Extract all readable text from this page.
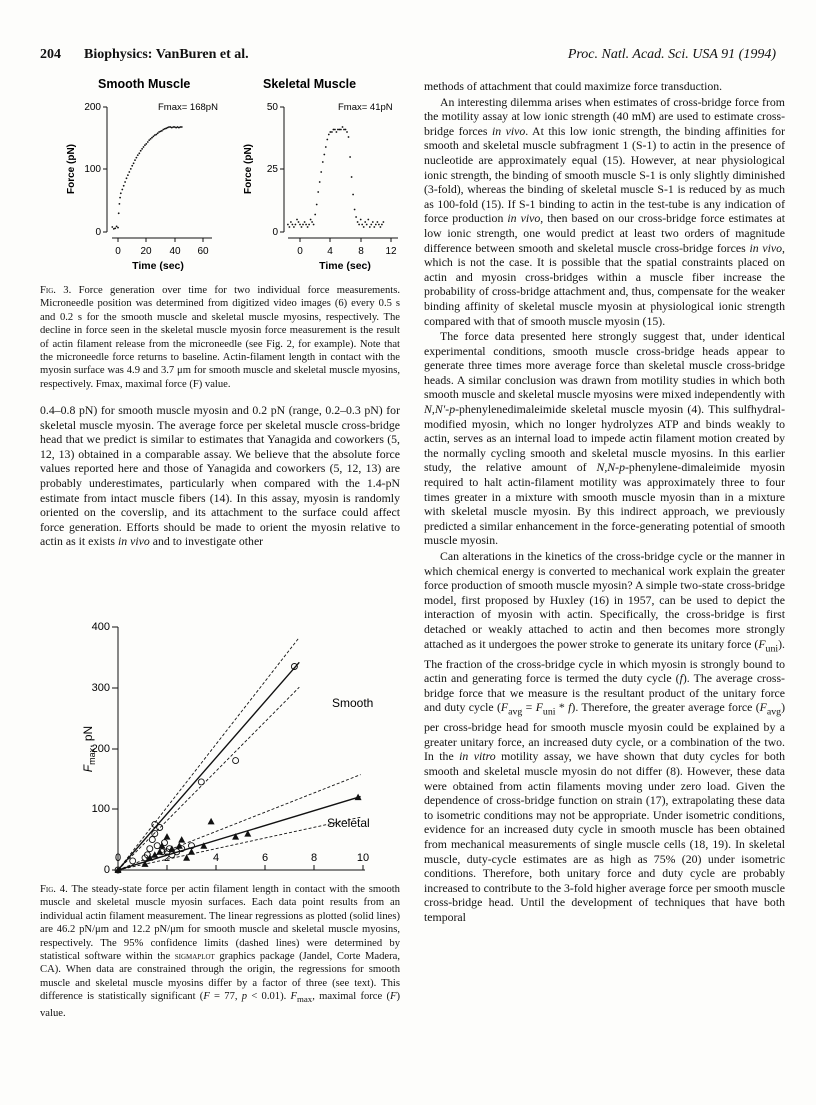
204 Biophysics: VanBuren et al.	Proc. Natl. Acad. Sci. USA 91 (1994)
Smooth Muscle
Fmax= 168pN
200
100
0
Force (pN)
0 20 40 60
Time (sec)
Skeletal Muscle
Fmax= 41pN
50
25
0
Force (pN)
0 4	8 12
Time (sec)

Fig. 3. Force generation over time for two individual force measurements. Microneedle position was determined from digitized video images (6) every 0.5 s and 0.2 s for the smooth muscle and skeletal muscle myosins, respectively. The decline in force seen in the skeletal muscle myosin force measurement is the result of actin filament release from the microneedle (see Fig. 2, for example). Note that the microneedle force returns to baseline. Actin-filament length in contact with the myosin surface was 4.9 and 3.7 μm for smooth muscle and skeletal muscle myosins, respectively. Fmax, maximal force (F) value.

0.4–0.8 pN) for smooth muscle myosin and 0.2 pN (range, 0.2–0.3 pN) for skeletal muscle myosin. The average force per skeletal muscle cross-bridge head that we predict is similar to estimates that Yanagida and coworkers (5, 12, 13) obtained in a comparable assay. We believe that the absolute force values reported here and those of Yanagida and coworkers (5, 12, 13) are probably underestimates, particularly when compared with the 1.4-pN estimate from intact muscle fibers (14). In this assay, myosin is randomly oriented on the coverslip, and its attachment to the surface could affect force generation. Efforts should be made to orient the myosin relative to actin as it exists in vivo and to investigate other

0
100
200
300
400
0	2	4	6	8	10
$F_{max}$, pN
Smooth
Skeletal

Fig. 4. The steady-state force per actin filament length in contact with the smooth muscle and skeletal muscle myosin surfaces. Each data point results from an individual actin filament measurement. The linear regressions as plotted (solid lines) are 46.2 pN/μm and 12.2 pN/μm for smooth muscle and skeletal muscle myosins, respectively. The 95% confidence limits (dashed lines) were determined by statistical software within the sigmaplot graphics package (Jandel, Corte Madera, CA). When data are constrained through the origin, the regressions for smooth muscle and skeletal muscle myosins differ by a factor of three (see text). This difference is statistically significant (F = 77, p < 0.01). $F_{max}$, maximal force (F) value.

methods of attachment that could maximize force transduction.

An interesting dilemma arises when estimates of cross-bridge force from the motility assay at low ionic strength (40 mM) are used to estimate cross-bridge forces in vivo. At this low ionic strength, the binding affinities for smooth and skeletal muscle subfragment 1 (S-1) to actin in the presence of nucleotide are approximately equal (15). However, at near physiological ionic strength, the binding of smooth muscle S-1 is only slightly diminished (3-fold), whereas the binding of skeletal muscle S-1 is reduced by as much as 100-fold (15). If S-1 binding to actin in the test-tube is any indication of force production in vivo, then based on our cross-bridge force estimates at low ionic strength, one would predict at least two orders of magnitude difference between smooth and skeletal muscle cross-bridge forces in vivo, which is not the case. It is possible that the spatial constraints placed on actin and myosin cross-bridges within a muscle fiber increase the probability of cross-bridge attachment and, thus, compensate for the weaker binding affinity of skeletal muscle myosin at physiological ionic strength compared with that of smooth muscle myosin (15).

The force data presented here strongly suggest that, under identical experimental conditions, smooth muscle cross-bridge heads appear to generate three times more average force than skeletal muscle cross-bridge heads. A similar conclusion was drawn from motility studies in which both smooth muscle and skeletal muscle myosins were mixed independently with N,N′-p-phenylenedimaleimide skeletal muscle myosin (4). This sulfhydral-modified myosin, which no longer hydrolyzes ATP and binds weakly to actin, serves as an internal load to impede actin filament motion created by the normally cycling smooth and skeletal muscle myosins. In this earlier study, the relative amount of N,N-p-phenylene-dimaleimide myosin required to halt actin-filament motility was approximately three to four times greater in a mixture with smooth muscle myosin than in a mixture with skeletal muscle myosin. By this indirect approach, we previously predicted a similar enhancement in the force-generating potential of smooth muscle myosin.

Can alterations in the kinetics of the cross-bridge cycle or the manner in which chemical energy is converted to mechanical work explain the greater force production of smooth muscle myosin? A simple two-state cross-bridge model, first proposed by Huxley (16) in 1957, can be used to depict the interaction of myosin with actin. Specifically, the cross-bridge is first detached or weakly attached to actin and then becomes more strongly attached as it undergoes the power stroke to generate its unitary force $(F_{uni})$. The fraction of the cross-bridge cycle in which myosin is strongly bound to actin and generating force is termed the duty cycle (f). The average cross-bridge force that we measure is the resultant product of the unitary force and duty cycle $(F_{avg} = F_{uni} * f)$. Therefore, the greater average force $(F_{avg})$ per cross-bridge head for smooth muscle myosin could be explained by a greater unitary force, an increased duty cycle, or a combination of the two. In the in vitro motility assay, we have shown that duty cycles for both smooth and skeletal muscle myosin do not differ (8). However, these data were obtained from actin filaments moving under zero load. Given the dependence of cross-bridge function on strain (17), extrapolating these data to isometric conditions may not be appropriate. Under isometric conditions, evidence for an increased duty cycle in smooth muscle has been obtained from mechanical measurements of single muscle cells (18, 19). In skeletal muscle, duty-cycle estimates are as high as 75% (20) under isometric conditions. Therefore, both unitary force and duty cycle are probably increased to contribute to the 3-fold higher average force per smooth muscle cross-bridge head. Until the development of techniques that have both temporal
